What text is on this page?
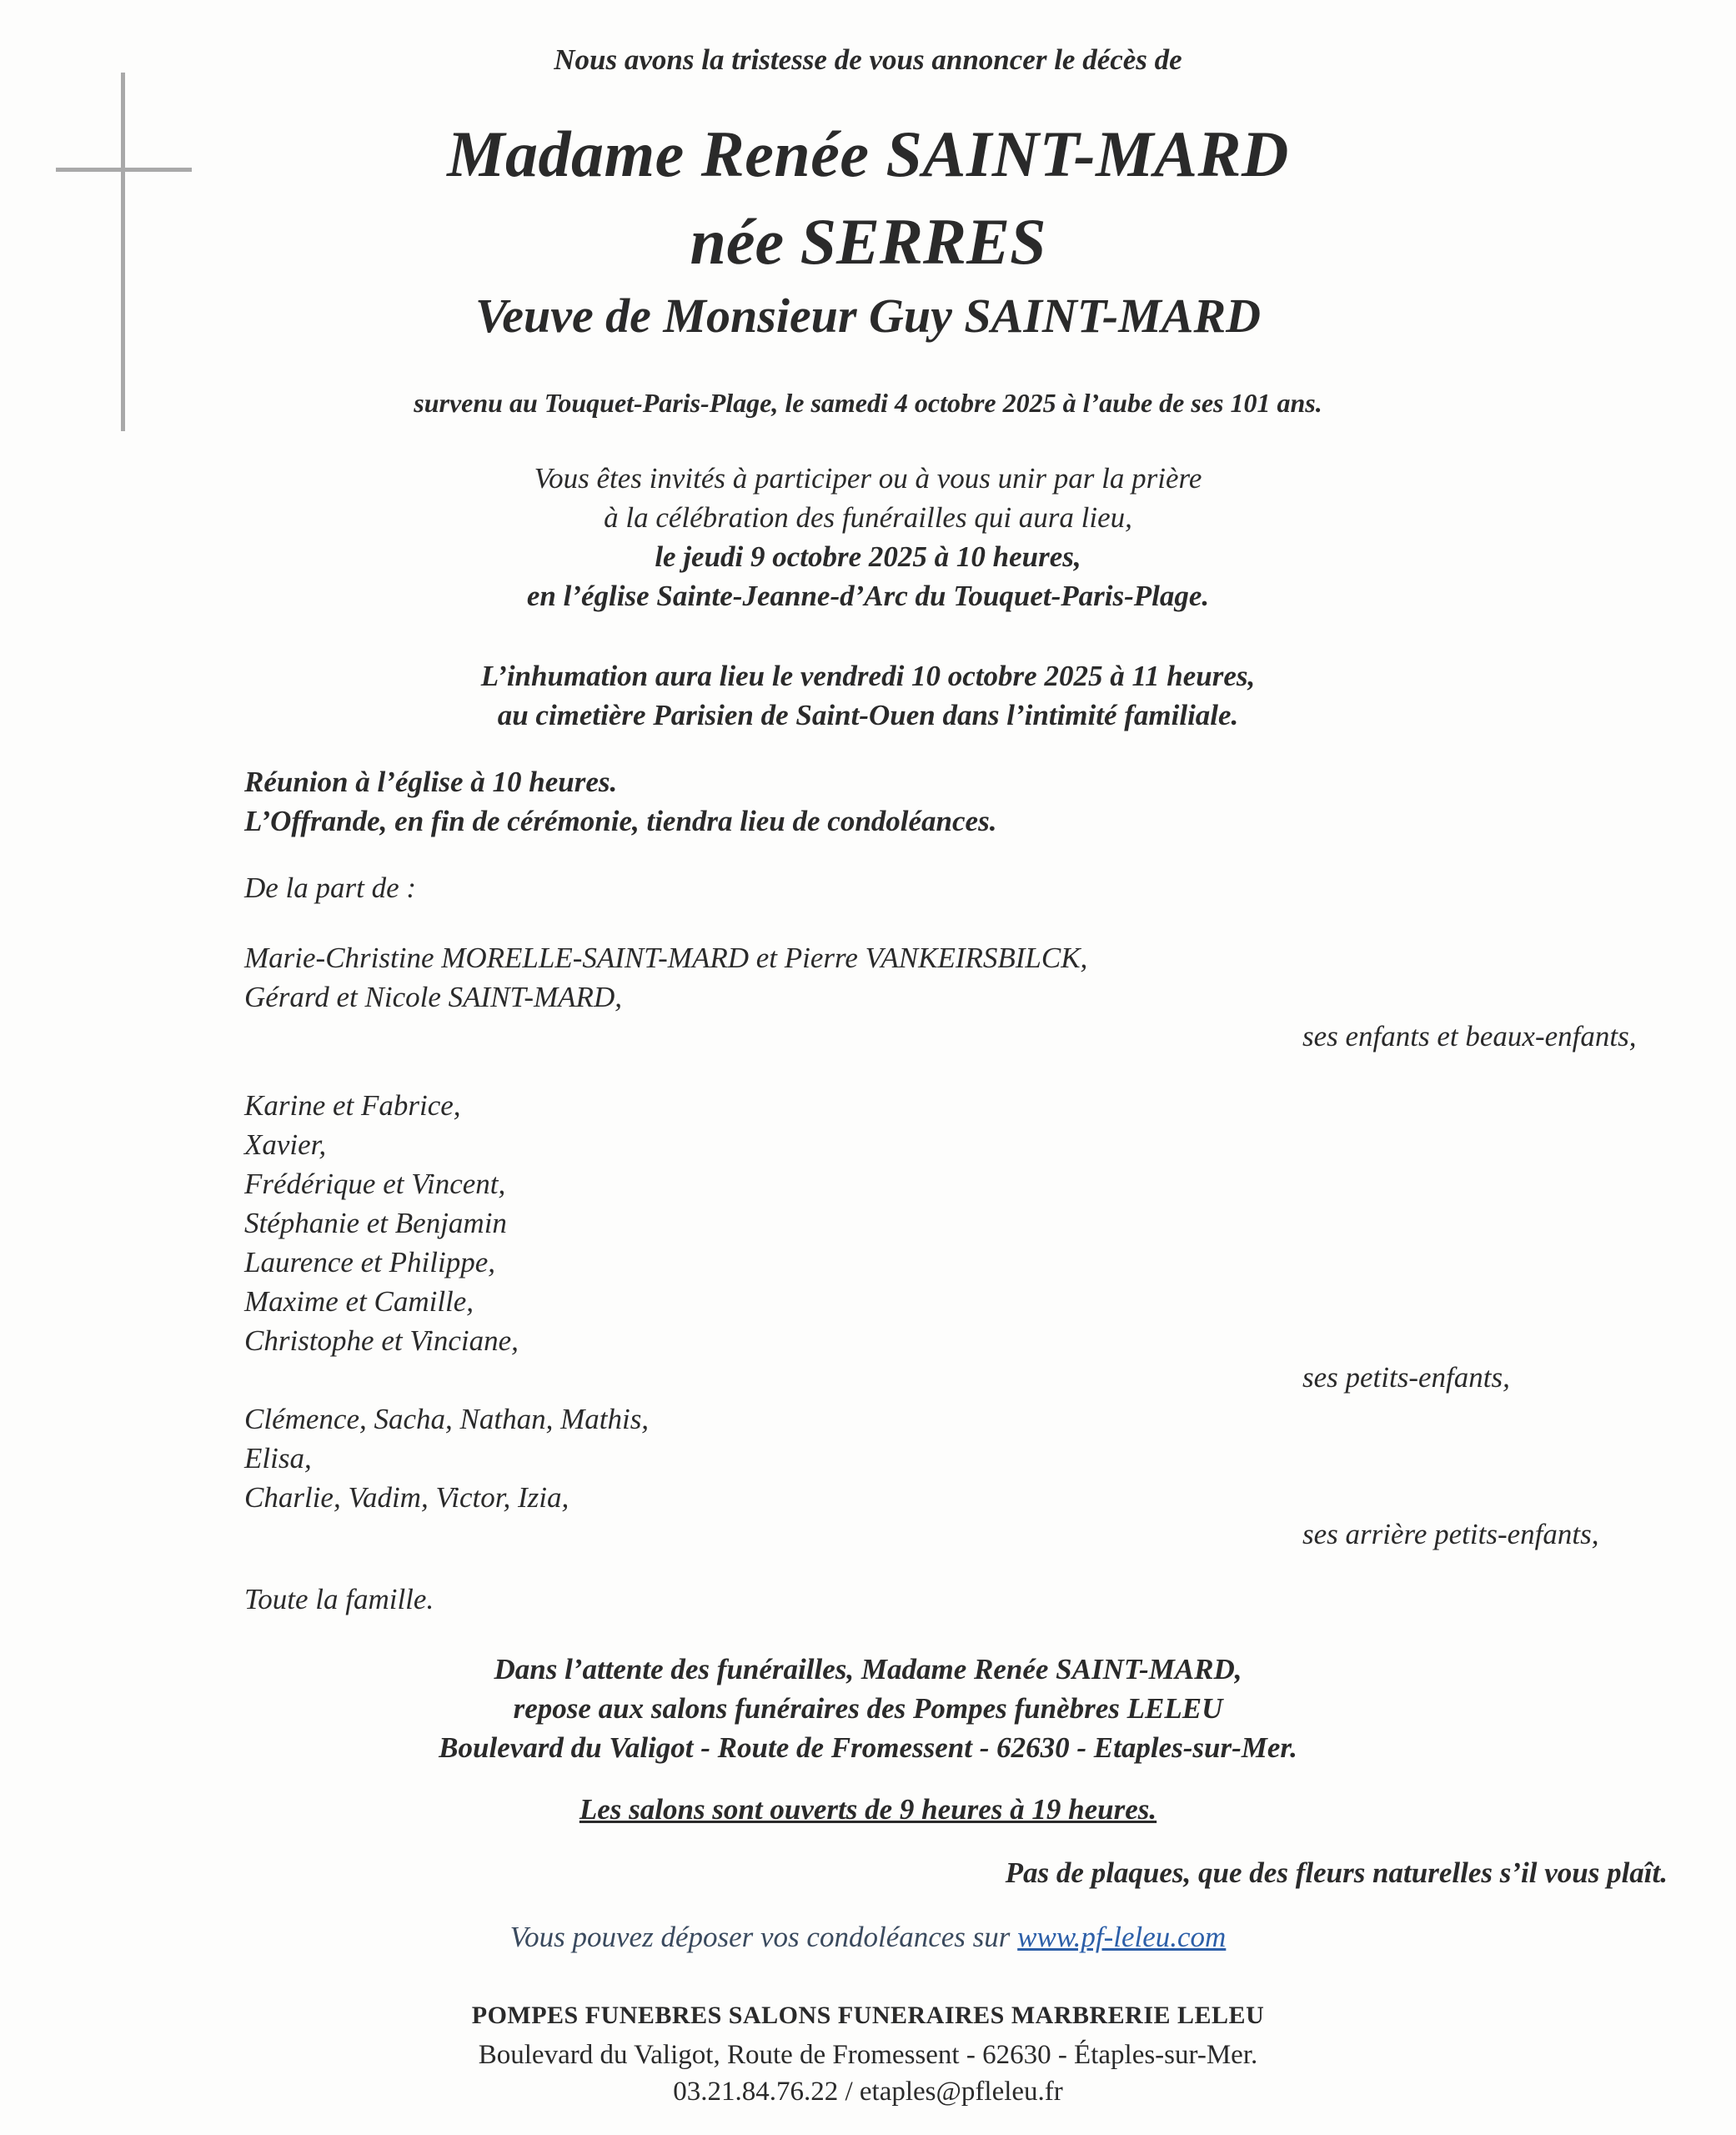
Nous avons la tristesse de vous annoncer le décès de
Madame Renée SAINT-MARD
née SERRES
Veuve de Monsieur Guy SAINT-MARD
survenu au Touquet-Paris-Plage, le samedi 4 octobre 2025 à l’aube de ses 101 ans.
Vous êtes invités à participer ou à vous unir par la prière
à la célébration des funérailles qui aura lieu,
le jeudi 9 octobre 2025 à 10 heures,
en l’église Sainte-Jeanne-d’Arc du Touquet-Paris-Plage.
L’inhumation aura lieu le vendredi 10 octobre 2025 à 11 heures,
au cimetière Parisien de Saint-Ouen dans l’intimité familiale.
Réunion à l’église à 10 heures.
L’Offrande, en fin de cérémonie, tiendra lieu de condoléances.
De la part de :
Marie-Christine MORELLE-SAINT-MARD et Pierre VANKEIRSBILCK,
Gérard et Nicole SAINT-MARD,
ses enfants et beaux-enfants,
Karine et Fabrice,
Xavier,
Frédérique et Vincent,
Stéphanie et Benjamin
Laurence et Philippe,
Maxime et Camille,
Christophe et Vinciane,
ses petits-enfants,
Clémence, Sacha, Nathan, Mathis,
Elisa,
Charlie, Vadim, Victor, Izia,
ses arrière petits-enfants,
Toute la famille.
Dans l’attente des funérailles, Madame Renée SAINT-MARD,
repose aux salons funéraires des Pompes funèbres LELEU
Boulevard du Valigot - Route de Fromessent - 62630 - Etaples-sur-Mer.
Les salons sont ouverts de 9 heures à 19 heures.
Pas de plaques, que des fleurs naturelles s’il vous plaît.
Vous pouvez déposer vos condoléances sur www.pf-leleu.com
POMPES FUNEBRES SALONS FUNERAIRES MARBRERIE LELEU
Boulevard du Valigot, Route de Fromessent - 62630 - Étaples-sur-Mer.
03.21.84.76.22 / etaples@pfleleu.fr
